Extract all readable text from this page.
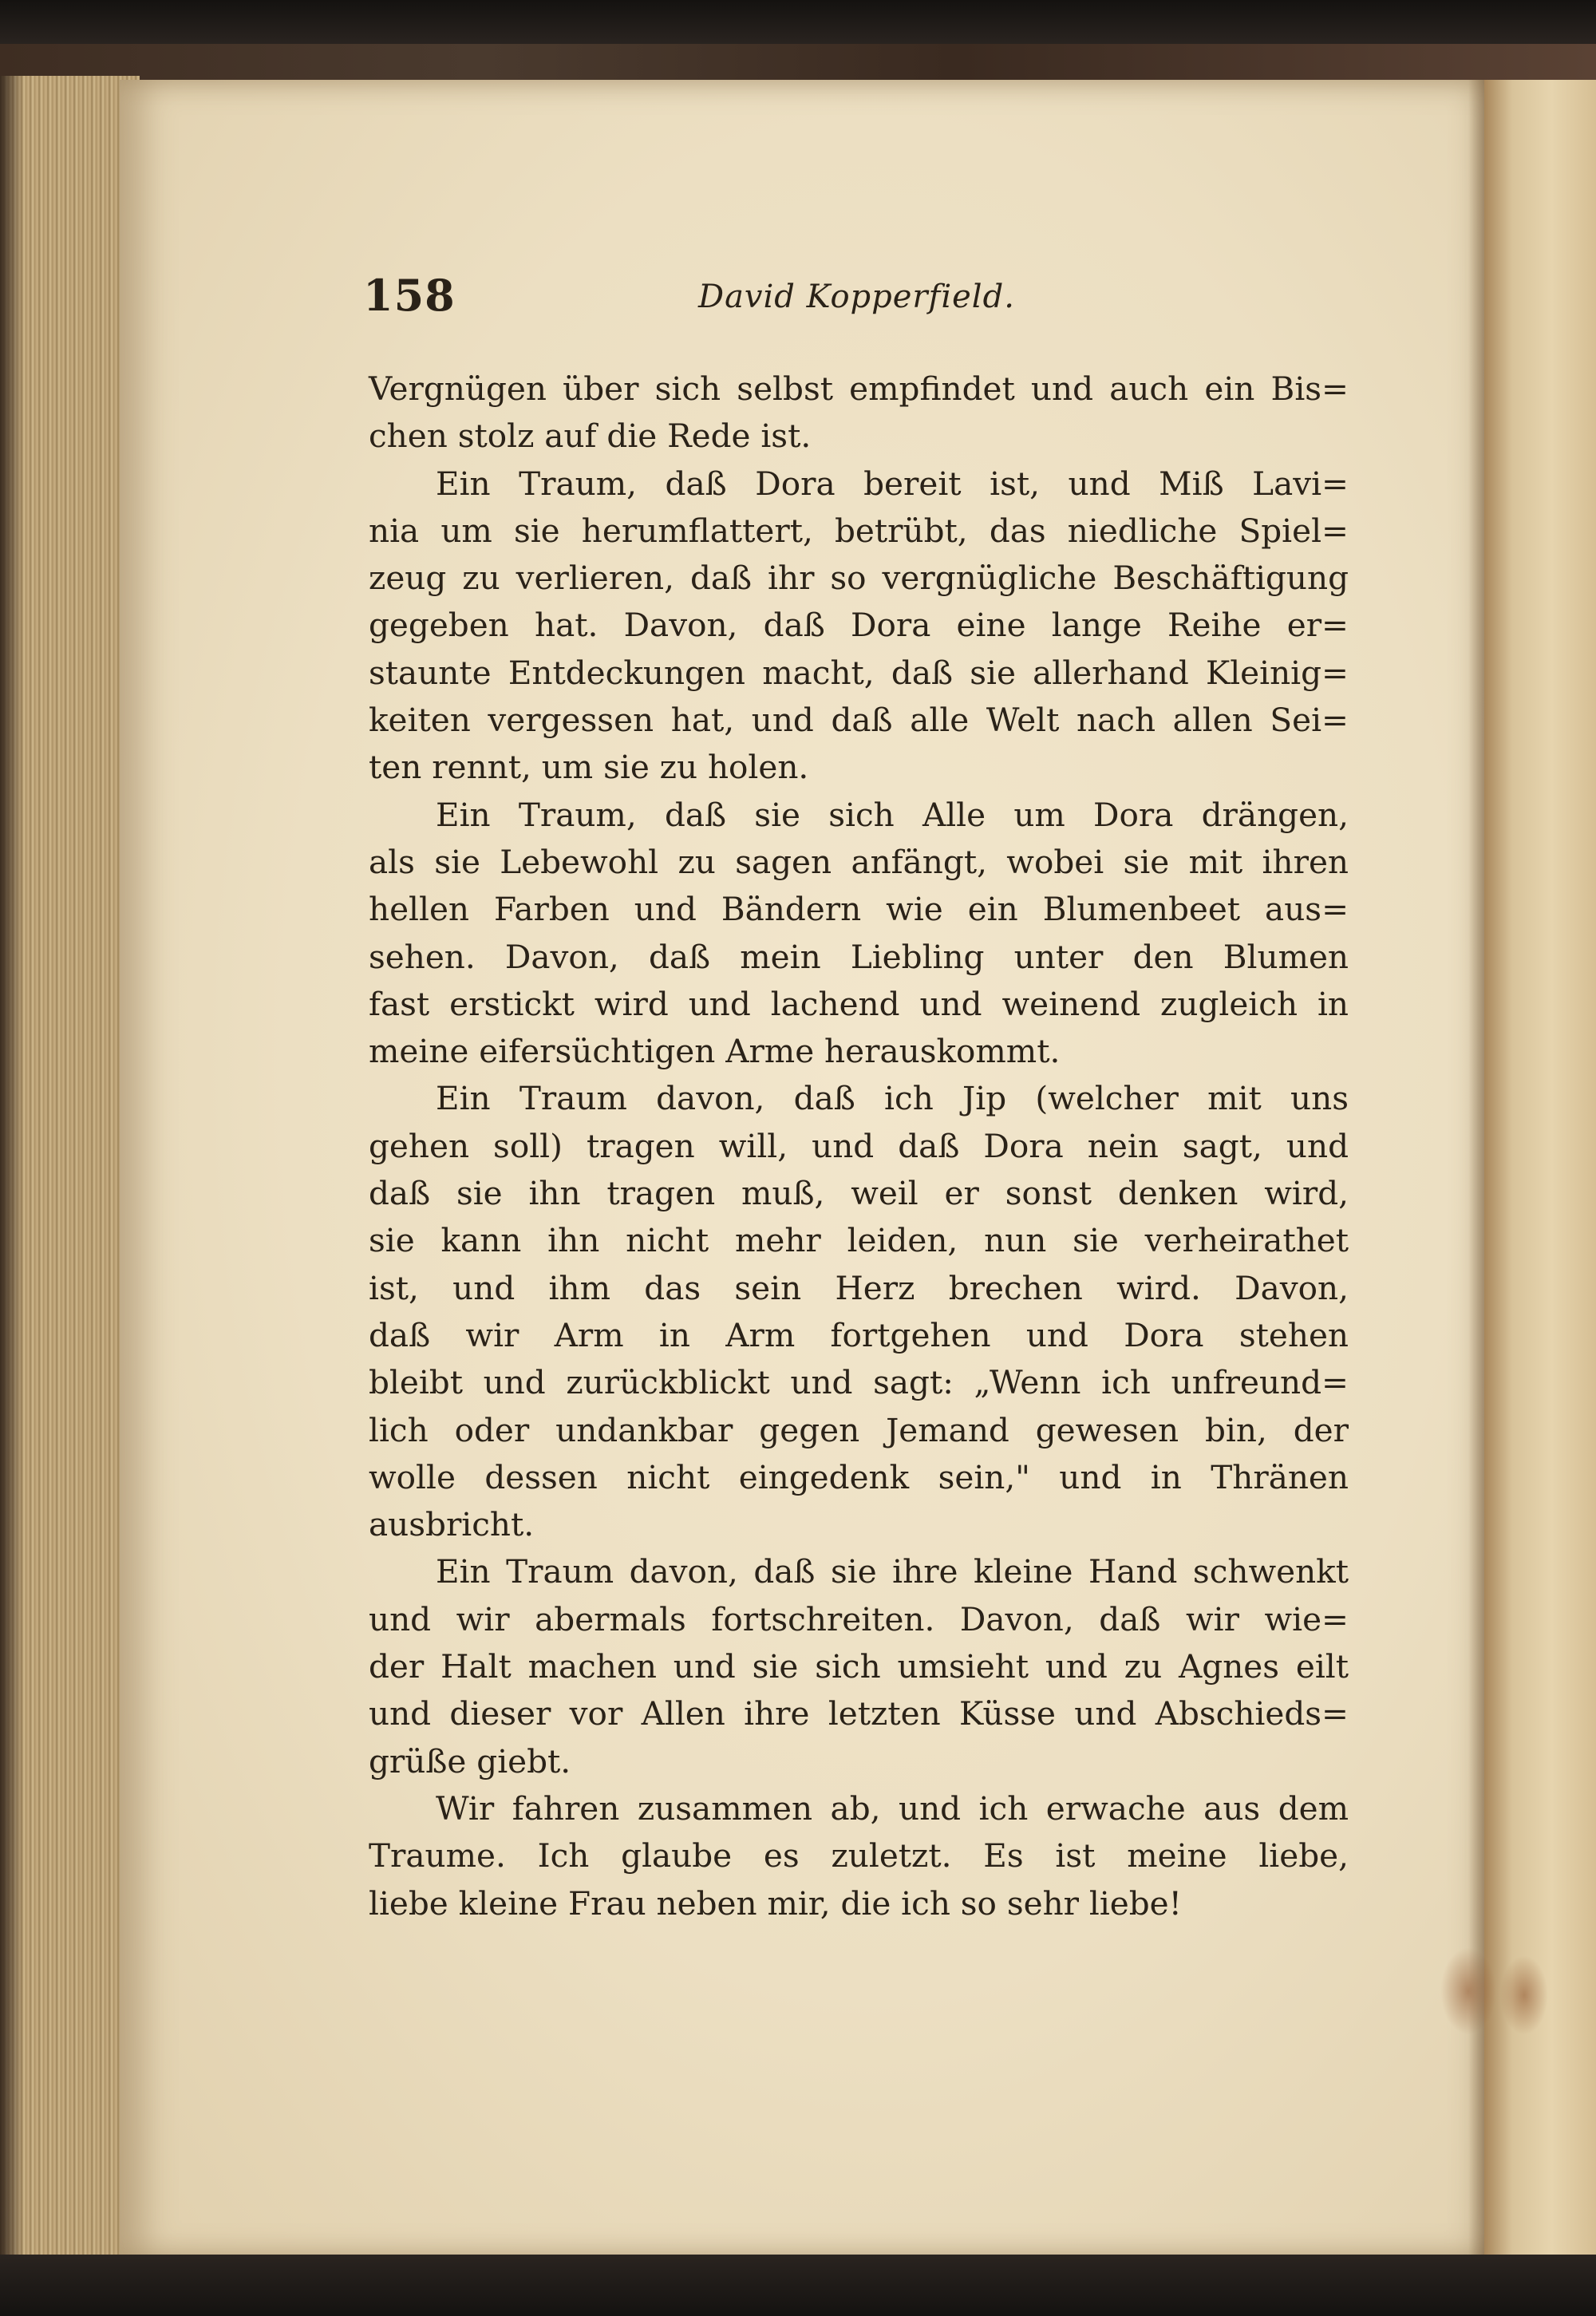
158	David Kopperfield.
Vergnügen über sich selbst empfindet und auch ein Bis=
chen stolz auf die Rede ist.
Ein Traum, daß Dora bereit ist, und Miß Lavi=
nia um sie herumflattert, betrübt, das niedliche Spiel=
zeug zu verlieren, daß ihr so vergnügliche Beschäftigung
gegeben hat. Davon, daß Dora eine lange Reihe er=
staunte Entdeckungen macht, daß sie allerhand Kleinig=
keiten vergessen hat, und daß alle Welt nach allen Sei=
ten rennt, um sie zu holen.
Ein Traum, daß sie sich Alle um Dora drängen,
als sie Lebewohl zu sagen anfängt, wobei sie mit ihren
hellen Farben und Bändern wie ein Blumenbeet aus=
sehen. Davon, daß mein Liebling unter den Blumen
fast erstickt wird und lachend und weinend zugleich in
meine eifersüchtigen Arme herauskommt.
Ein Traum davon, daß ich Jip (welcher mit uns
gehen soll) tragen will, und daß Dora nein sagt, und
daß sie ihn tragen muß, weil er sonst denken wird,
sie kann ihn nicht mehr leiden, nun sie verheirathet
ist, und ihm das sein Herz brechen wird. Davon,
daß wir Arm in Arm fortgehen und Dora stehen
bleibt und zurückblickt und sagt: „Wenn ich unfreund=
lich oder undankbar gegen Jemand gewesen bin, der
wolle dessen nicht eingedenk sein," und in Thränen
ausbricht.
Ein Traum davon, daß sie ihre kleine Hand schwenkt
und wir abermals fortschreiten. Davon, daß wir wie=
der Halt machen und sie sich umsieht und zu Agnes eilt
und dieser vor Allen ihre letzten Küsse und Abschieds=
grüße giebt.
Wir fahren zusammen ab, und ich erwache aus dem
Traume. Ich glaube es zuletzt. Es ist meine liebe,
liebe kleine Frau neben mir, die ich so sehr liebe!
